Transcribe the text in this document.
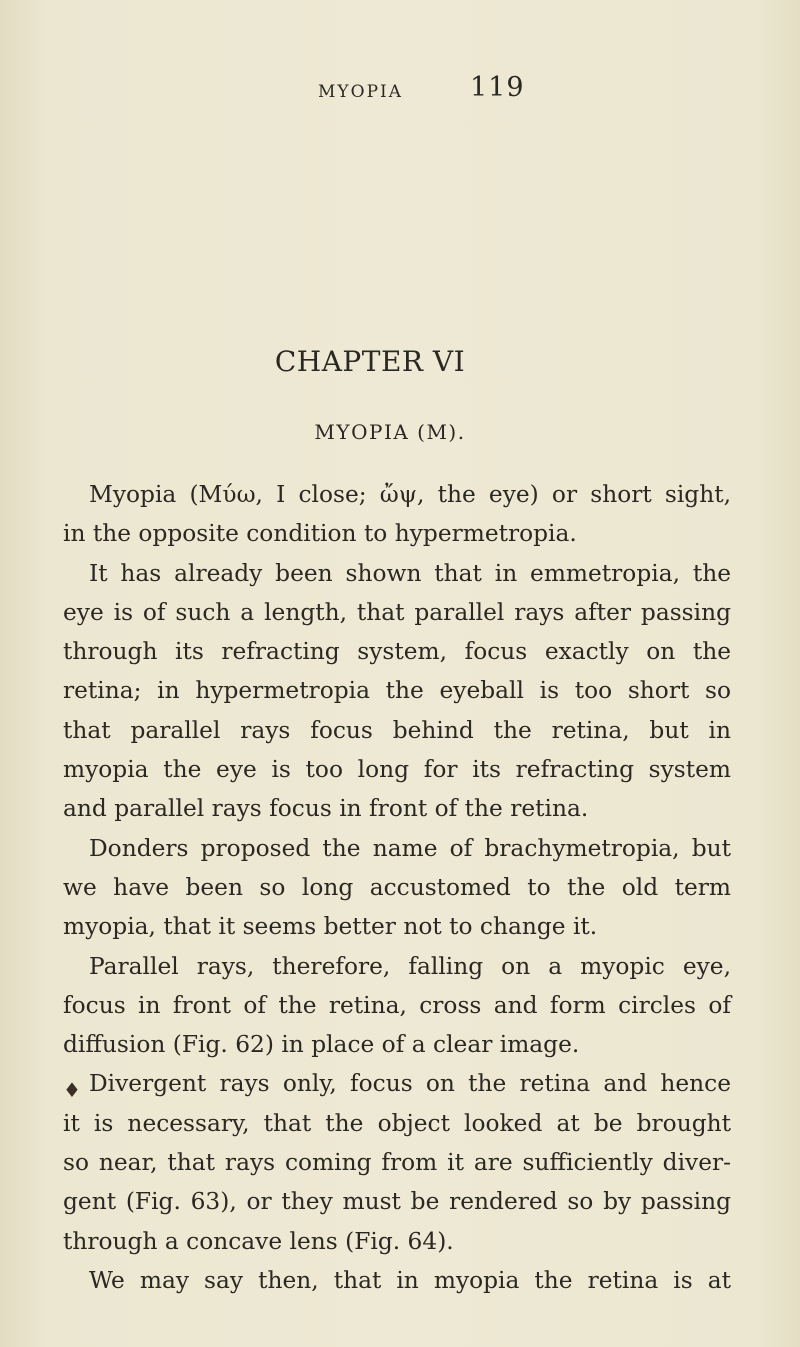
MYOPIA 119
CHAPTER VI
MYOPIA (M).
Myopia (Μύω, I close; ὤψ, the eye) or short sight,
in the opposite condition to hypermetropia.
It has already been shown that in emmetropia, the
eye is of such a length, that parallel rays after passing
through its refracting system, focus exactly on the
retina; in hypermetropia the eyeball is too short so
that parallel rays focus behind the retina, but in
myopia the eye is too long for its refracting system
and parallel rays focus in front of the retina.
Donders proposed the name of brachymetropia, but
we have been so long accustomed to the old term
myopia, that it seems better not to change it.
Parallel rays, therefore, falling on a myopic eye,
focus in front of the retina, cross and form circles of
diffusion (Fig. 62) in place of a clear image.
Divergent rays only, focus on the retina and hence
it is necessary, that the object looked at be brought
so near, that rays coming from it are sufficiently diver-
gent (Fig. 63), or they must be rendered so by passing
through a concave lens (Fig. 64).
We may say then, that in myopia the retina is at
♦
